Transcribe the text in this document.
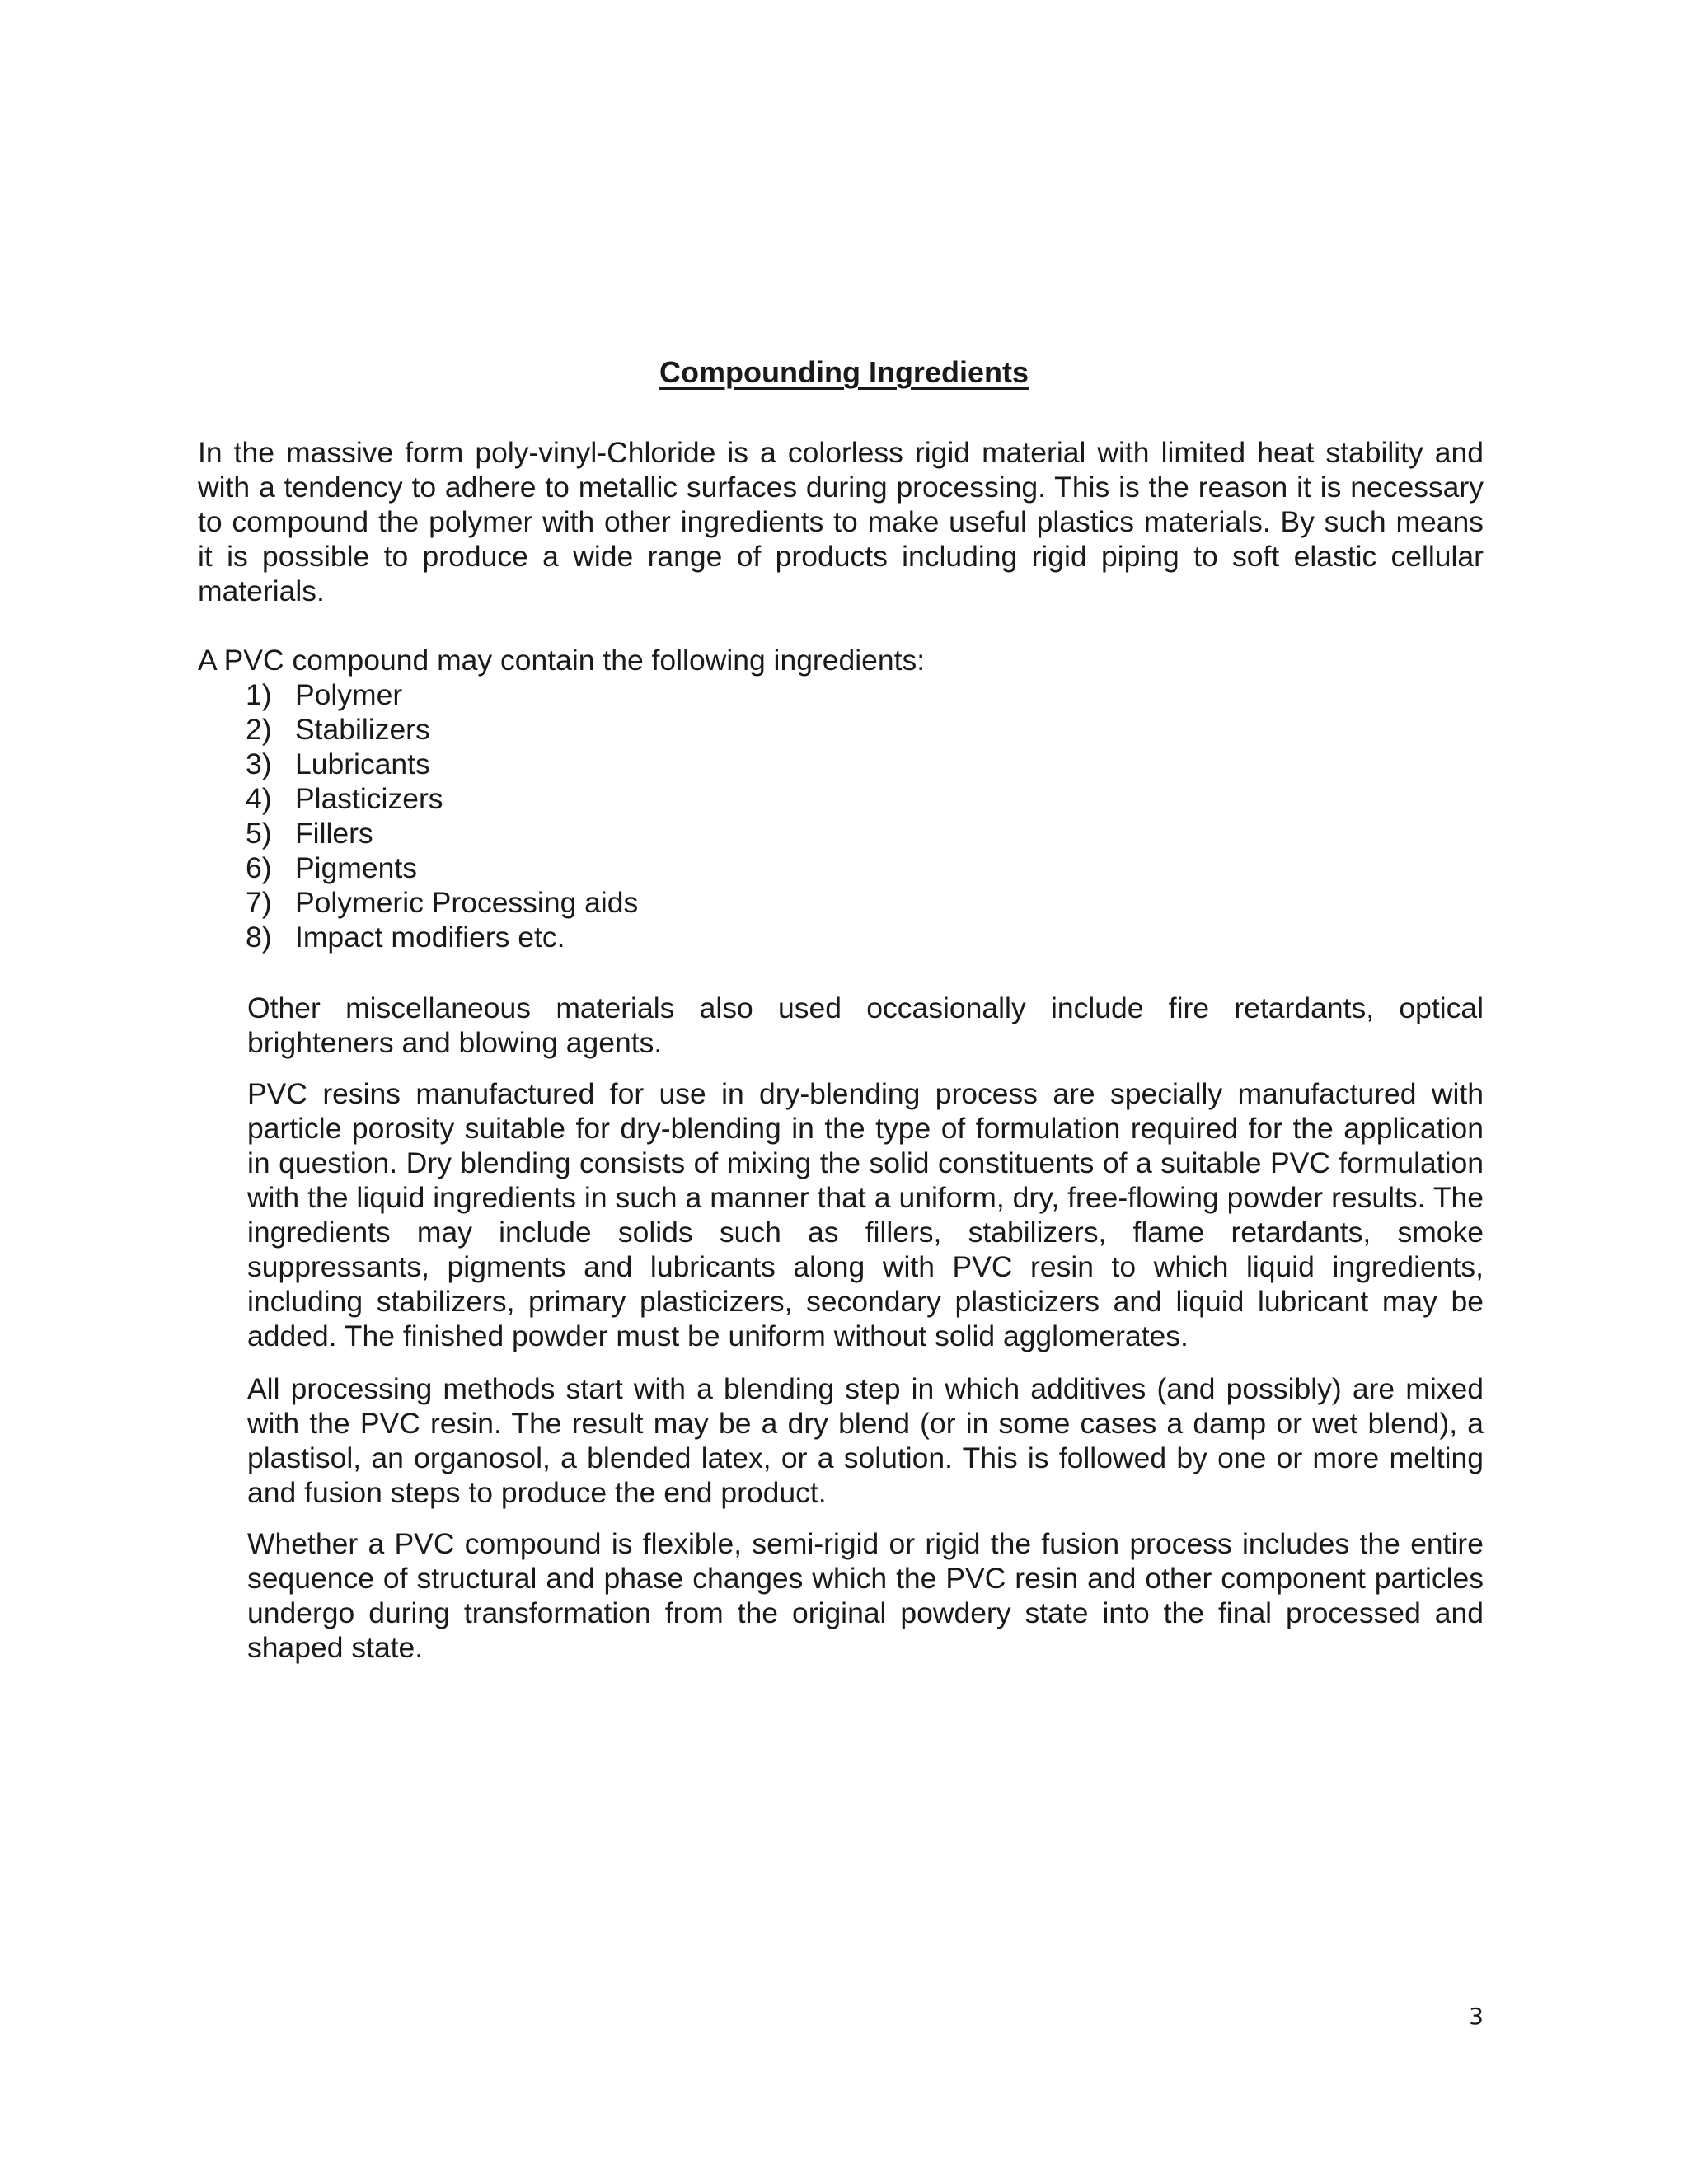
Compounding Ingredients

In the massive form poly-vinyl-Chloride is a colorless rigid material with limited heat stability and with a tendency to adhere to metallic surfaces during processing. This is the reason it is necessary to compound the polymer with other ingredients to make useful plastics materials. By such means it is possible to produce a wide range of products including rigid piping to soft elastic cellular materials.

A PVC compound may contain the following ingredients:

1) Polymer
2) Stabilizers
3) Lubricants
4) Plasticizers
5) Fillers
6) Pigments
7) Polymeric Processing aids
8) Impact modifiers etc.

Other miscellaneous materials also used occasionally include fire retardants, optical brighteners and blowing agents.

PVC resins manufactured for use in dry-blending process are specially manufactured with particle porosity suitable for dry-blending in the type of formulation required for the application in question. Dry blending consists of mixing the solid constituents of a suitable PVC formulation with the liquid ingredients in such a manner that a uniform, dry, free-flowing powder results. The ingredients may include solids such as fillers, stabilizers, flame retardants, smoke suppressants, pigments and lubricants along with PVC resin to which liquid ingredients, including stabilizers, primary plasticizers, secondary plasticizers and liquid lubricant may be added. The finished powder must be uniform without solid agglomerates.

All processing methods start with a blending step in which additives (and possibly) are mixed with the PVC resin. The result may be a dry blend (or in some cases a damp or wet blend), a plastisol, an organosol, a blended latex, or a solution. This is followed by one or more melting and fusion steps to produce the end product.

Whether a PVC compound is flexible, semi-rigid or rigid the fusion process includes the entire sequence of structural and phase changes which the PVC resin and other component particles undergo during transformation from the original powdery state into the final processed and shaped state.

3
